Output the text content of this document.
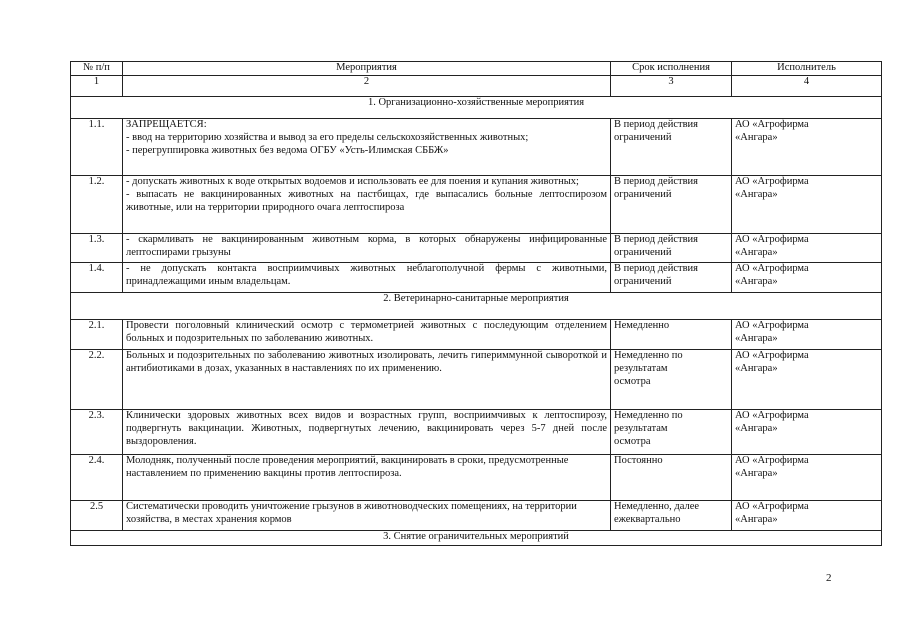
№ п/п	Мероприятия	Срок исполнения	Исполнитель
1	2	3	4
1. Организационно-хозяйственные мероприятия			
1.1.	ЗАПРЕЩАЕТСЯ:
- ввод на территорию хозяйства и вывод за его пределы сельскохозяйственных животных;
- перегруппировка животных без ведома ОГБУ «Усть-Илимская СББЖ»	В период действия
ограничений	АО «Агрофирма
«Ангара»

1.2.	- допускать животных к воде открытых водоемов и использовать ее для поения и купания животных;
- выпасать не вакцинированных животных на пастбищах, где выпасались больные лептоспирозом животные, или на территории природного очага лептоспироза	В период действия
ограничений	АО «Агрофирма
«Ангара»

1.3.	- скармливать не вакцинированным животным корма, в которых обнаружены инфицированные лептоспирами грызуны	В период действия
ограничений	АО «Агрофирма
«Ангара»

1.4.	- не допускать контакта восприимчивых животных неблагополучной фермы с животными, принадлежащими иным владельцам.	В период действия
ограничений	АО «Агрофирма
«Ангара»

2. Ветеринарно-санитарные мероприятия			
2.1.	Провести поголовный клинический осмотр с термометрией животных с последующим отделением больных и подозрительных по заболеванию животных.	Немедленно	АО «Агрофирма
«Ангара»

2.2.	Больных и подозрительных по заболеванию животных изолировать, лечить гипериммунной сывороткой и антибиотиками в дозах, указанных в наставлениях по их применению.	Немедленно по
результатам
осмотра	АО «Агрофирма
«Ангара»

2.3.	Клинически здоровых животных всех видов и возрастных групп, восприимчивых к лептоспирозу, подвергнуть вакцинации. Животных, подвергнутых лечению, вакцинировать через 5-7 дней после выздоровления.	Немедленно по
результатам
осмотра	АО «Агрофирма
«Ангара»

2.4.	Молодняк, полученный после проведения мероприятий, вакцинировать в сроки, предусмотренные наставлением по применению вакцины против лептоспироза.	Постоянно	АО «Агрофирма
«Ангара»

2.5	Систематически проводить уничтожение грызунов в животноводческих помещениях, на территории хозяйства, в местах хранения кормов	Немедленно, далее
ежеквартально	АО «Агрофирма
«Ангара»

3. Снятие ограничительных мероприятий			
2
